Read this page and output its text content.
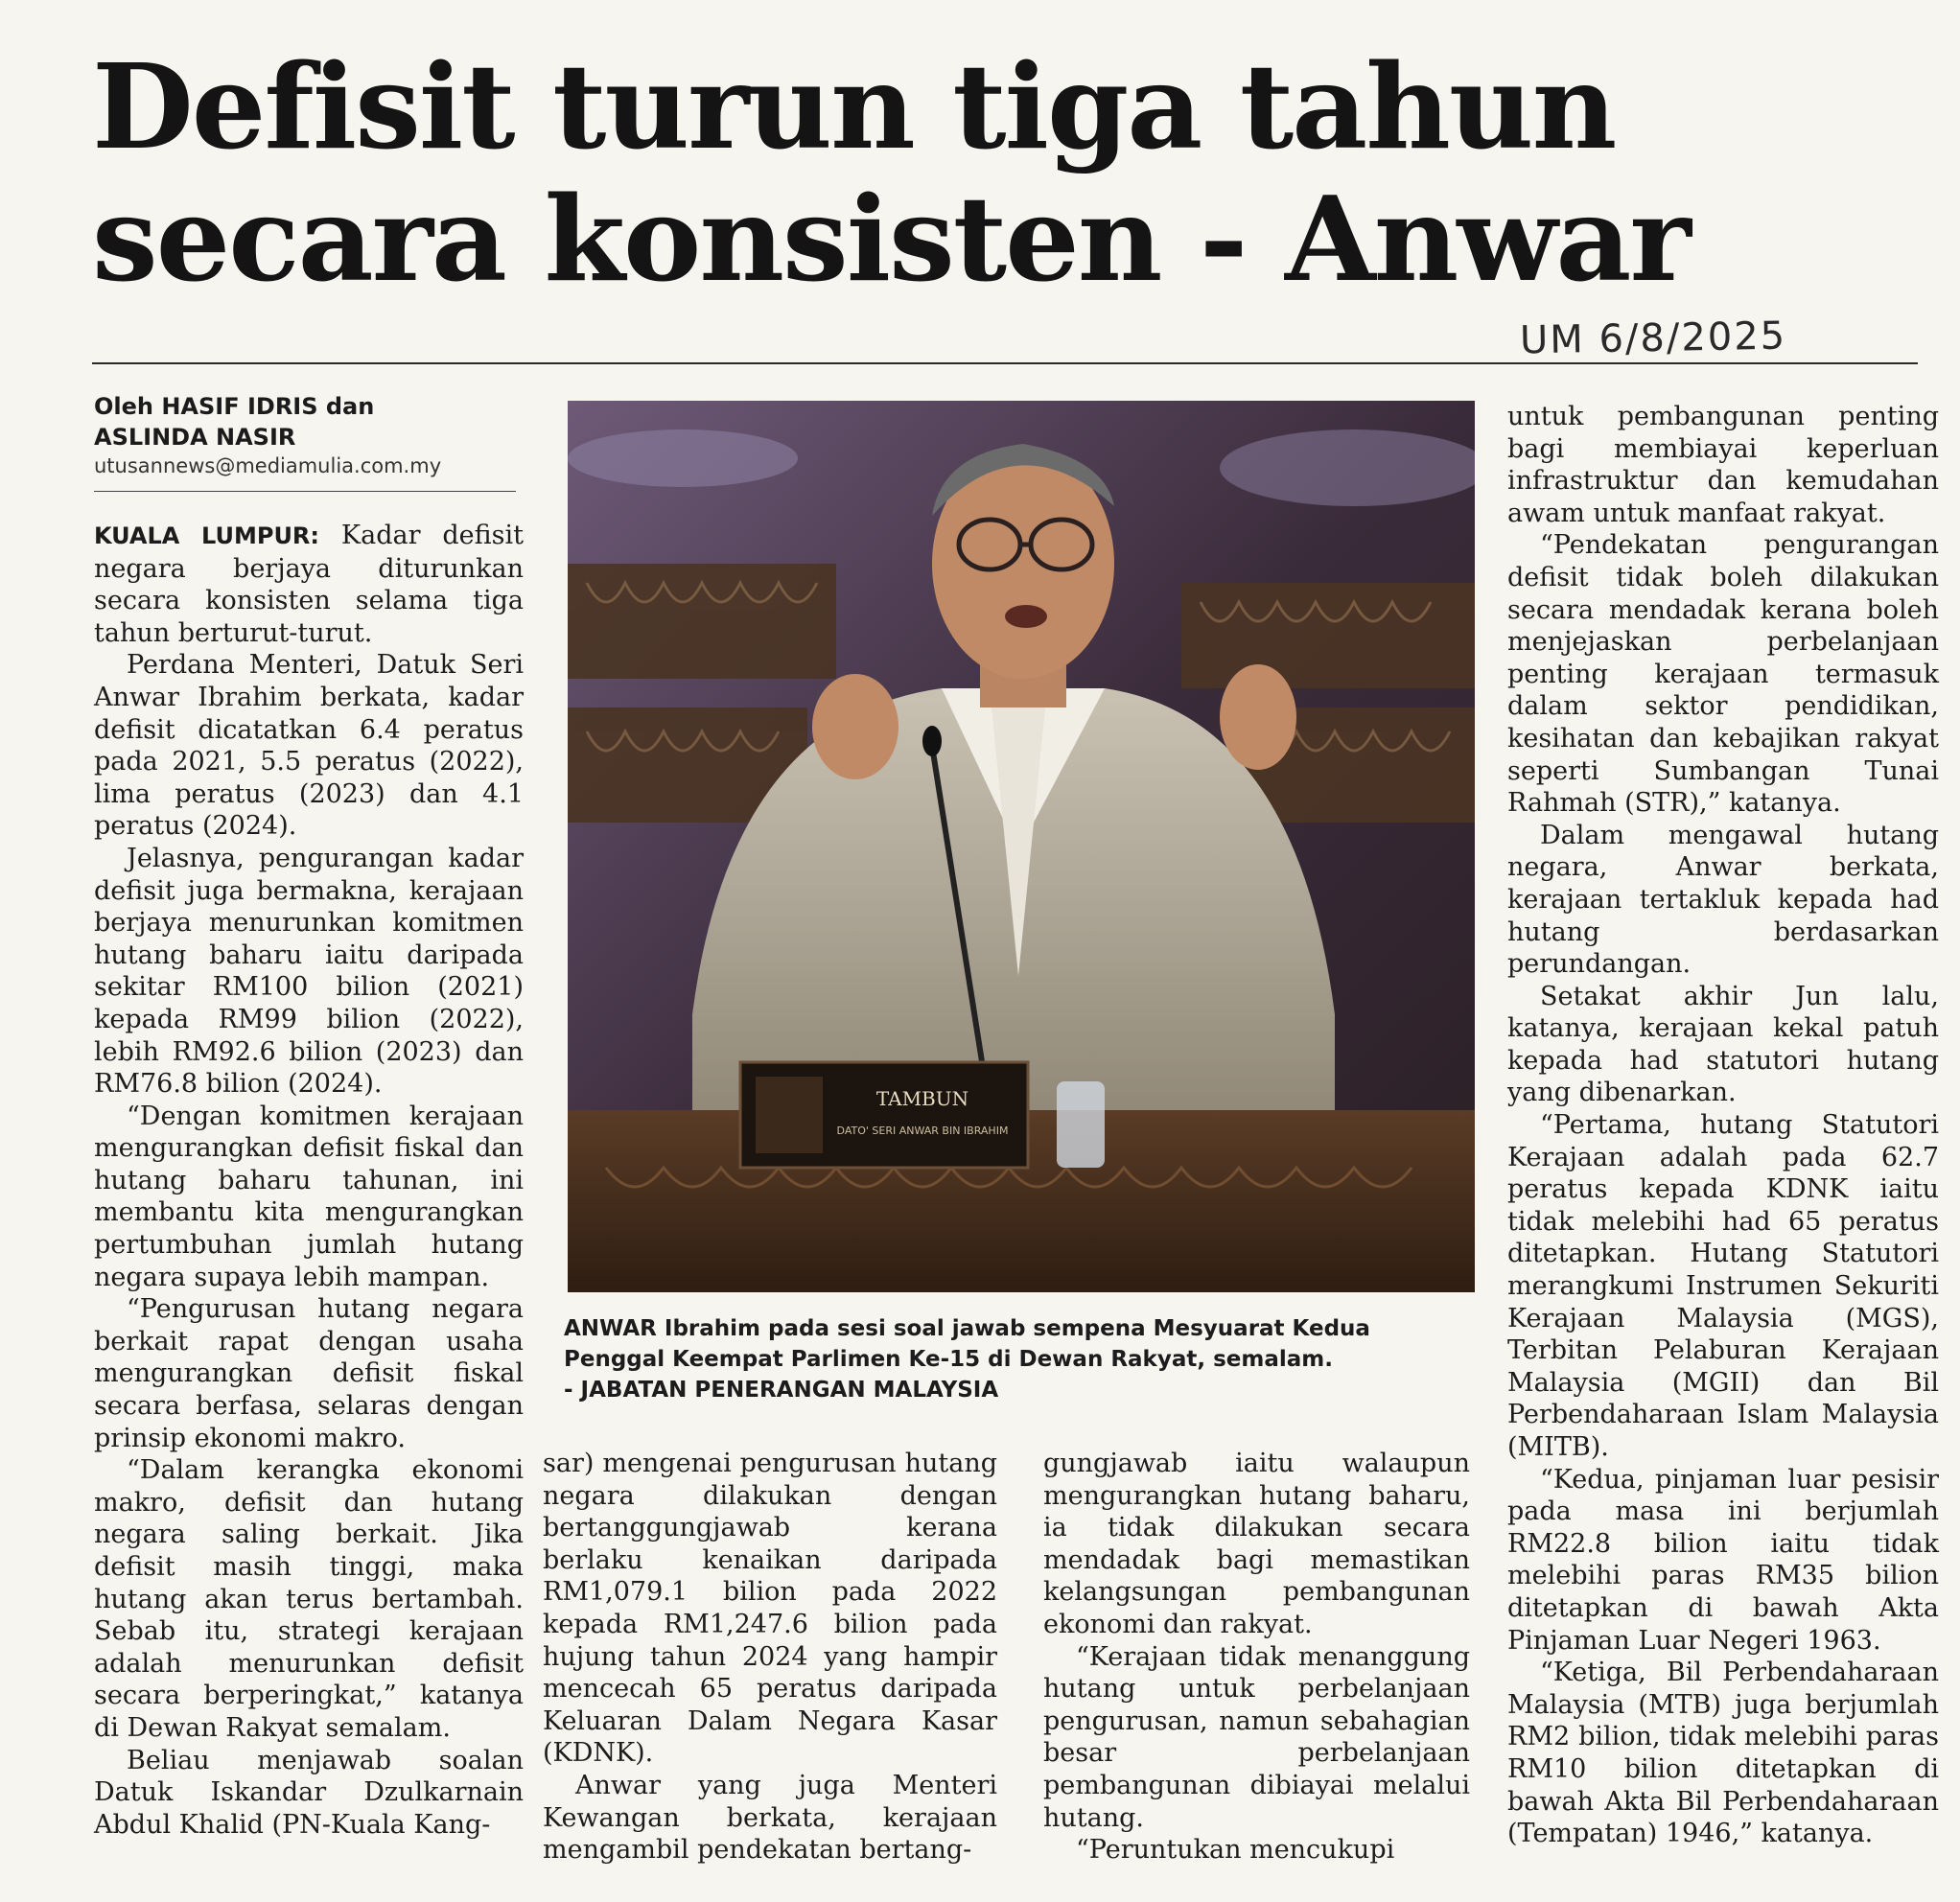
Defisit turun tiga tahun
secara konsisten - Anwar
UM 6/8/2025
Oleh HASIF IDRIS dan
ASLINDA NASIR
utusannews@mediamulia.com.my

KUALA LUMPUR: Kadar defisit negara berjaya diturunkan secara konsisten selama tiga tahun berturut-turut.

Perdana Menteri, Datuk Seri Anwar Ibrahim berkata, kadar defisit dicatatkan 6.4 peratus pada 2021, 5.5 peratus (2022), lima peratus (2023) dan 4.1 peratus (2024).

Jelasnya, pengurangan kadar defisit juga bermakna, kerajaan berjaya menurunkan komitmen hutang baharu iaitu daripada sekitar RM100 bilion (2021) kepada RM99 bilion (2022), lebih RM92.6 bilion (2023) dan RM76.8 bilion (2024).

“Dengan komitmen kerajaan mengurangkan defisit fiskal dan hutang baharu tahunan, ini membantu kita mengurangkan pertumbuhan jumlah hutang negara supaya lebih mampan.

“Pengurusan hutang negara berkait rapat dengan usaha mengurangkan defisit fiskal secara berfasa, selaras dengan prinsip ekonomi makro.

“Dalam kerangka ekonomi makro, defisit dan hutang negara saling berkait. Jika defisit masih tinggi, maka hutang akan terus bertambah. Sebab itu, strategi kerajaan adalah menurunkan defisit secara berperingkat,” katanya di Dewan Rakyat semalam.

Beliau menjawab soalan Datuk Iskandar Dzulkarnain Abdul Khalid (PN-Kuala Kang-

TAMBUN
DATO' SERI ANWAR BIN IBRAHIM
ANWAR Ibrahim pada sesi soal jawab sempena Mesyuarat Kedua
Penggal Keempat Parlimen Ke-15 di Dewan Rakyat, semalam.
- JABATAN PENERANGAN MALAYSIA

sar) mengenai pengurusan hutang negara dilakukan dengan bertanggungjawab kerana berlaku kenaikan daripada RM1,079.1 bilion pada 2022 kepada RM1,247.6 bilion pada hujung tahun 2024 yang hampir mencecah 65 peratus daripada Keluaran Dalam Negara Kasar (KDNK).

Anwar yang juga Menteri Kewangan berkata, kerajaan mengambil pendekatan bertang-

gungjawab iaitu walaupun mengurangkan hutang baharu, ia tidak dilakukan secara mendadak bagi memastikan kelangsungan pembangunan ekonomi dan rakyat.

“Kerajaan tidak menanggung hutang untuk perbelanjaan pengurusan, namun sebahagian besar perbelanjaan pembangunan dibiayai melalui hutang.

“Peruntukan mencukupi

untuk pembangunan penting bagi membiayai keperluan infrastruktur dan kemudahan awam untuk manfaat rakyat.

“Pendekatan pengurangan defisit tidak boleh dilakukan secara mendadak kerana boleh menjejaskan perbelanjaan penting kerajaan termasuk dalam sektor pendidikan, kesihatan dan kebajikan rakyat seperti Sumbangan Tunai Rahmah (STR),” katanya.

Dalam mengawal hutang negara, Anwar berkata, kerajaan tertakluk kepada had hutang berdasarkan perundangan.

Setakat akhir Jun lalu, katanya, kerajaan kekal patuh kepada had statutori hutang yang dibenarkan.

“Pertama, hutang Statutori Kerajaan adalah pada 62.7 peratus kepada KDNK iaitu tidak melebihi had 65 peratus ditetapkan. Hutang Statutori merangkumi Instrumen Sekuriti Kerajaan Malaysia (MGS), Terbitan Pelaburan Kerajaan Malaysia (MGII) dan Bil Perbendaharaan Islam Malaysia (MITB).

“Kedua, pinjaman luar pesisir pada masa ini berjumlah RM22.8 bilion iaitu tidak melebihi paras RM35 bilion ditetapkan di bawah Akta Pinjaman Luar Negeri 1963.

“Ketiga, Bil Perbendaharaan Malaysia (MTB) juga berjumlah RM2 bilion, tidak melebihi paras RM10 bilion ditetapkan di bawah Akta Bil Perbendaharaan (Tempatan) 1946,” katanya.
